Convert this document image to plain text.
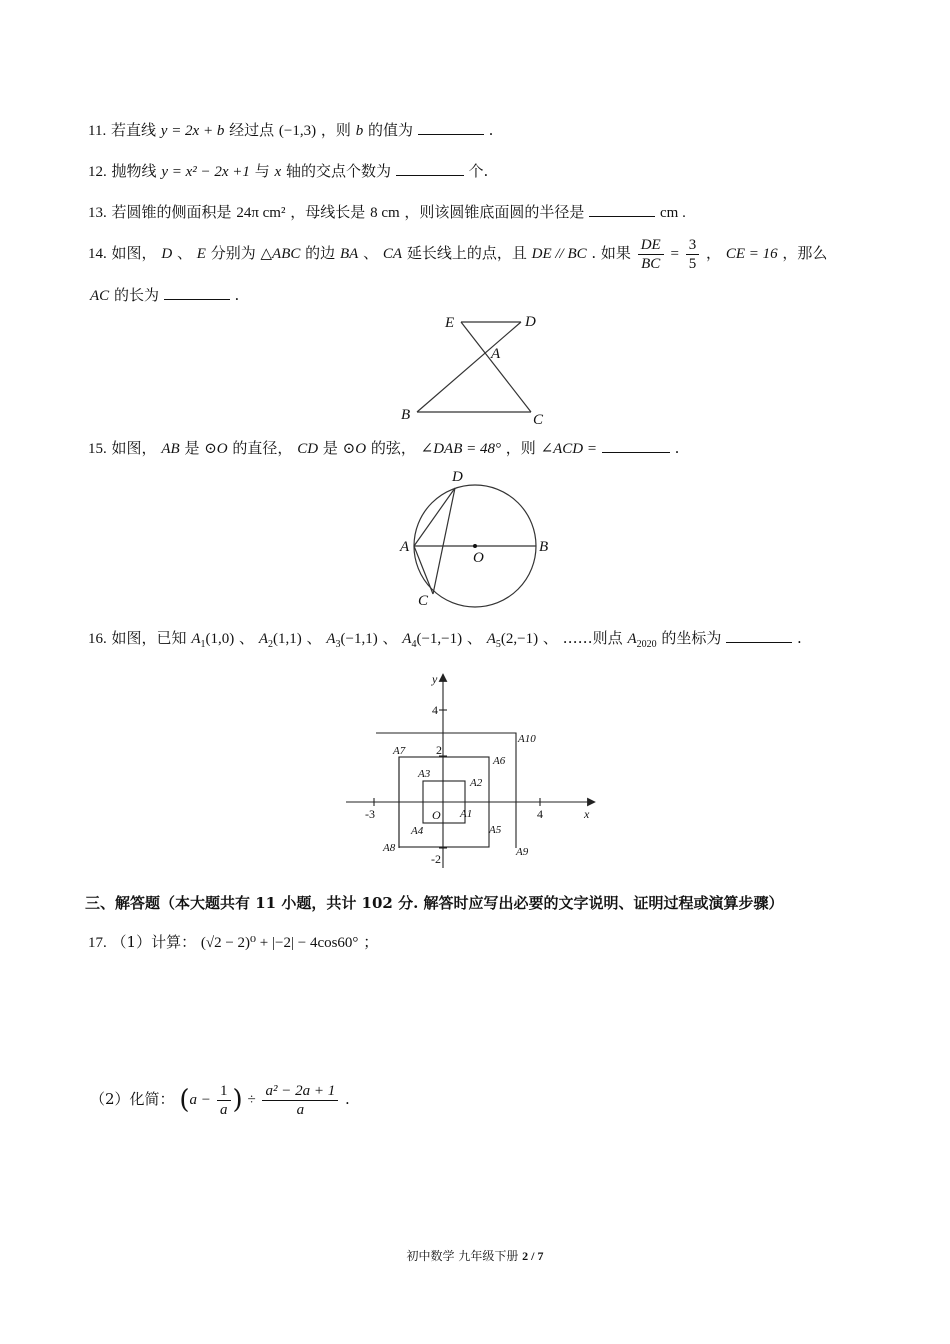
11. 若直线 y = 2x + b 经过点 (−1,3) ，则 b 的值为	.
12. 抛物线 y = x² − 2x +1 与 x 轴的交点个数为	个.
13. 若圆锥的侧面积是 24π cm² ，母线长是 8 cm ，则该圆锥底面圆的半径是	cm .
14. 如图， D 、 E 分别为 △ABC 的边 BA 、 CA 延长线上的点，且 DE // BC . 如果 $\frac{DE}{BC} = \frac{3}{5}$ ， CE = 16 ，那么
AC 的长为	.
E	D
A
B	C
15. 如图， AB 是 ⊙O 的直径， CD 是 ⊙O 的弦， ∠DAB = 48° ，则 ∠ACD =	.
D
A
O
B
C
16. 如图，已知 $A_1(1,0)$ 、 $A_2(1,1)$ 、 $A_3(-1,1)$ 、 $A_4(-1,-1)$ 、 $A_5(2,-1)$ 、 ……则点 $A_{2020}$ 的坐标为	.
y
x
O
4
2
-3	4
-2
A10
A7
A6
A3
A2
A1
A4	A5
A8	A9
三、解答题（本大题共有 11 小题，共计 102 分. 解答时应写出必要的文字说明、证明过程或演算步骤）
17. （1）计算： (√2 − 2)⁰ + |−2| − 4cos60° ；
（2）化简： ($a - \frac{1}{a}$ ) ÷ $\frac{\text{a² − 2a + 1}}{a}$ .
初中数学 九年级下册 2 / 7
